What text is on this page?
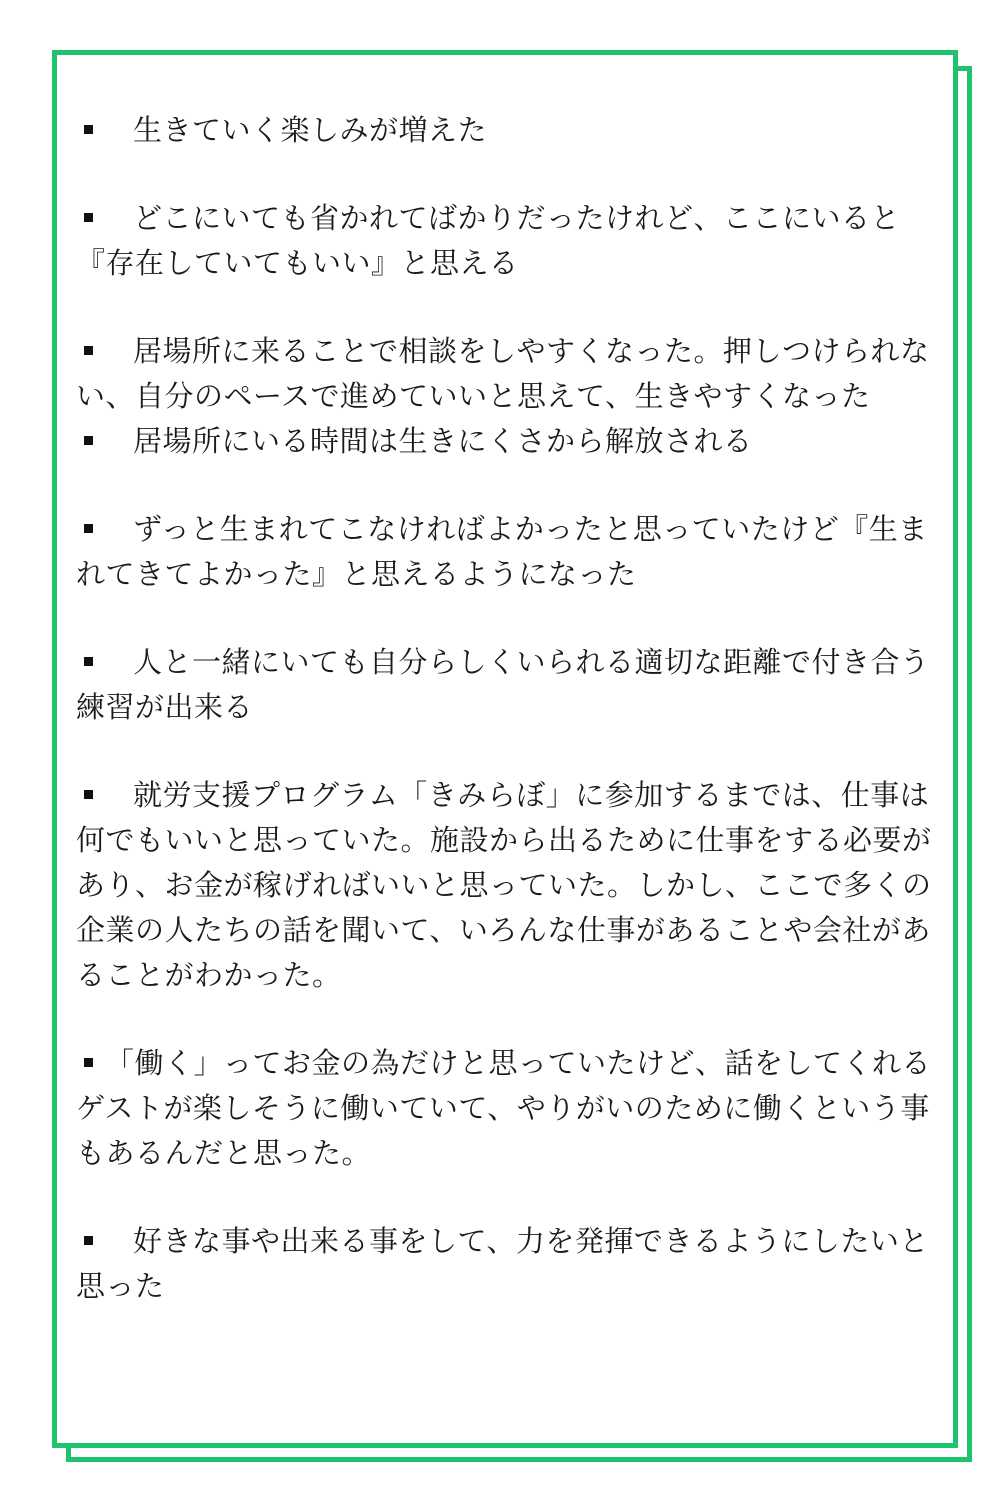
生きていく楽しみが増えた

どこにいても省かれてばかりだったけれど、ここにいると『存在していてもいい』と思える

居場所に来ることで相談をしやすくなった。押しつけられない、自分のペースで進めていいと思えて、生きやすくなった

居場所にいる時間は生きにくさから解放される

ずっと生まれてこなければよかったと思っていたけど『生まれてきてよかった』と思えるようになった

人と一緒にいても自分らしくいられる適切な距離で付き合う練習が出来る

就労支援プログラム「きみらぼ」に参加するまでは、仕事は何でもいいと思っていた。施設から出るために仕事をする必要があり、お金が稼げればいいと思っていた。しかし、ここで多くの企業の人たちの話を聞いて、いろんな仕事があることや会社があることがわかった。

「働く」ってお金の為だけと思っていたけど、話をしてくれるゲストが楽しそうに働いていて、やりがいのために働くという事もあるんだと思った。

好きな事や出来る事をして、力を発揮できるようにしたいと思った
